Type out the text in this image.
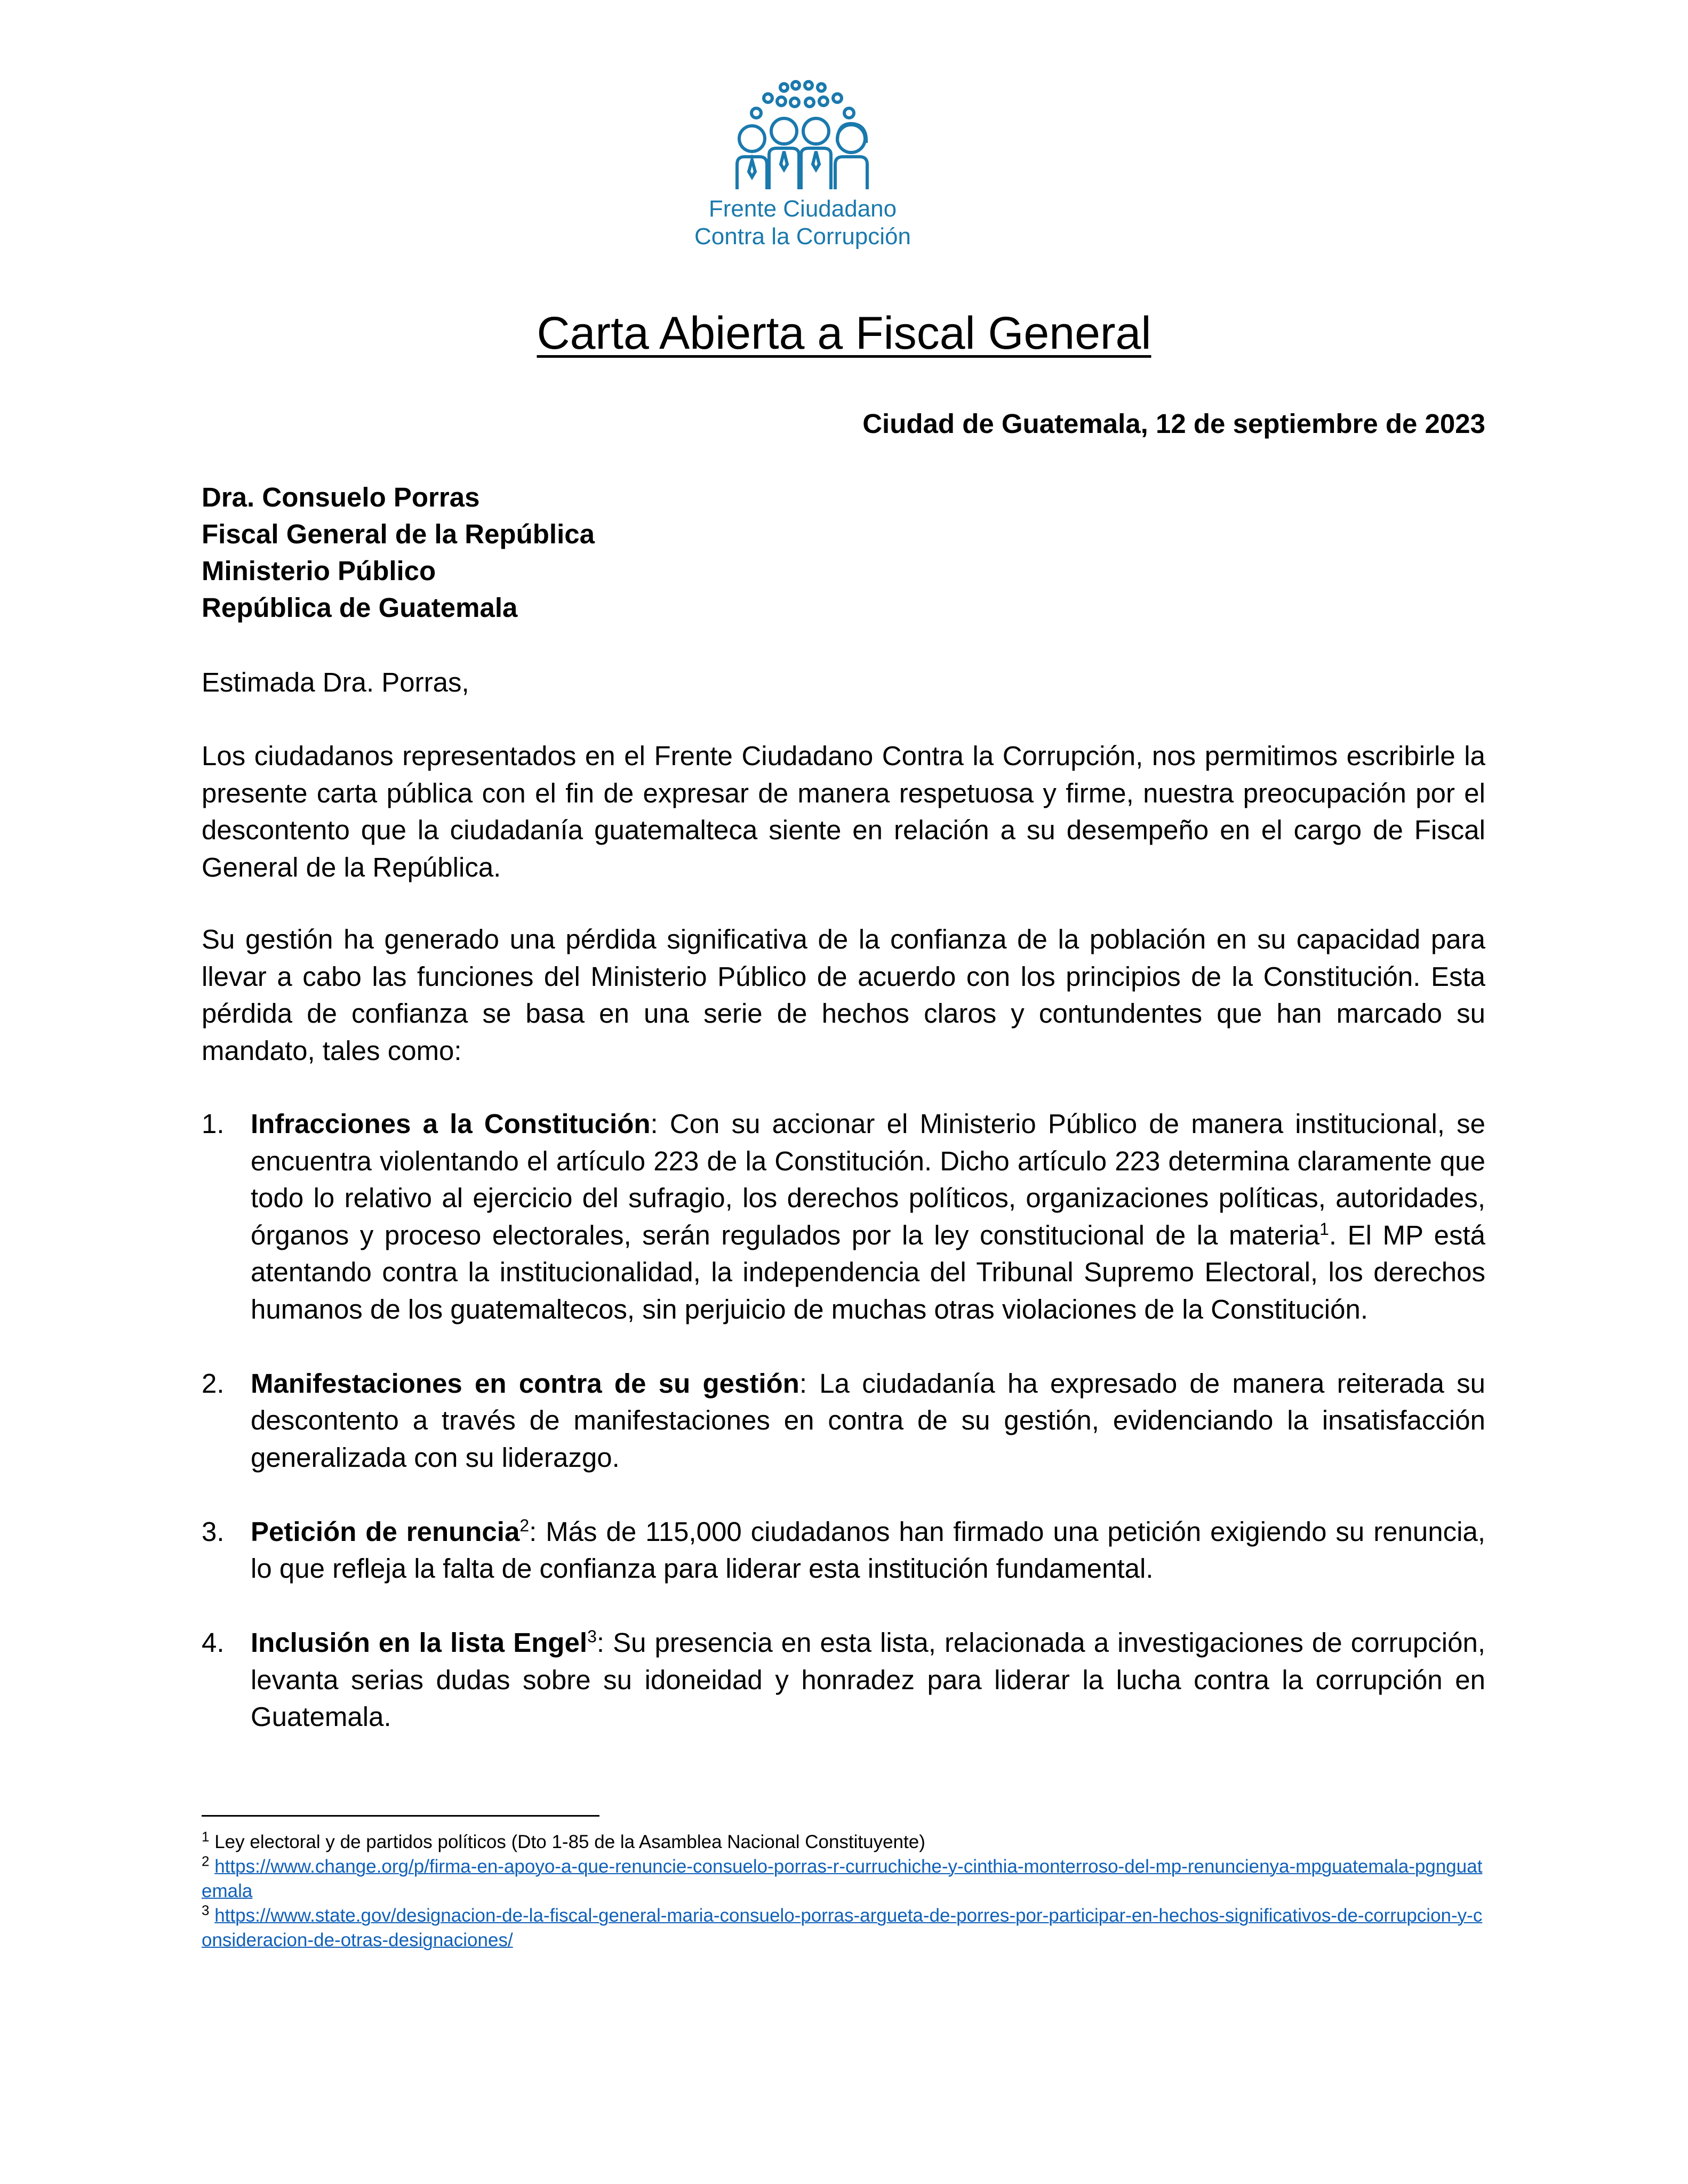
Frente Ciudadano
Contra la Corrupción
Carta Abierta a Fiscal General
Ciudad de Guatemala, 12 de septiembre de 2023
Dra. Consuelo Porras
Fiscal General de la República
Ministerio Público
República de Guatemala
Estimada Dra. Porras,

Los ciudadanos representados en el Frente Ciudadano Contra la Corrupción, nos permitimos escribirle la presente carta pública con el fin de expresar de manera respetuosa y firme, nuestra preocupación por el descontento que la ciudadanía guatemalteca siente en relación a su desempeño en el cargo de Fiscal General de la República.

Su gestión ha generado una pérdida significativa de la confianza de la población en su capacidad para llevar a cabo las funciones del Ministerio Público de acuerdo con los principios de la Constitución. Esta pérdida de confianza se basa en una serie de hechos claros y contundentes que han marcado su mandato, tales como:

1. Infracciones a la Constitución: Con su accionar el Ministerio Público de manera institucional, se encuentra violentando el artículo 223 de la Constitución. Dicho artículo 223 determina claramente que todo lo relativo al ejercicio del sufragio, los derechos políticos, organizaciones políticas, autoridades, órganos y proceso electorales, serán regulados por la ley constitucional de la materia$^1$. El MP está atentando contra la institucionalidad, la independencia del Tribunal Supremo Electoral, los derechos humanos de los guatemaltecos, sin perjuicio de muchas otras violaciones de la Constitución.
2. Manifestaciones en contra de su gestión: La ciudadanía ha expresado de manera reiterada su descontento a través de manifestaciones en contra de su gestión, evidenciando la insatisfacción generalizada con su liderazgo.
3. Petición de renuncia$^2$: Más de 115,000 ciudadanos han firmado una petición exigiendo su renuncia, lo que refleja la falta de confianza para liderar esta institución fundamental.
4. Inclusión en la lista Engel$^3$: Su presencia en esta lista, relacionada a investigaciones de corrupción, levanta serias dudas sobre su idoneidad y honradez para liderar la lucha contra la corrupción en Guatemala.

$^1$ Ley electoral y de partidos políticos (Dto 1-85 de la Asamblea Nacional Constituyente)

$^2$ https://www.change.org/p/firma-en-apoyo-a-que-renuncie-consuelo-porras-r-curruchiche-y-cinthia-monterroso-del-mp-renuncienya-mpguatemala-pgnguatemala

$^3$ https://www.state.gov/designacion-de-la-fiscal-general-maria-consuelo-porras-argueta-de-porres-por-participar-en-hechos-significativos-de-corrupcion-y-consideracion-de-otras-designaciones/
